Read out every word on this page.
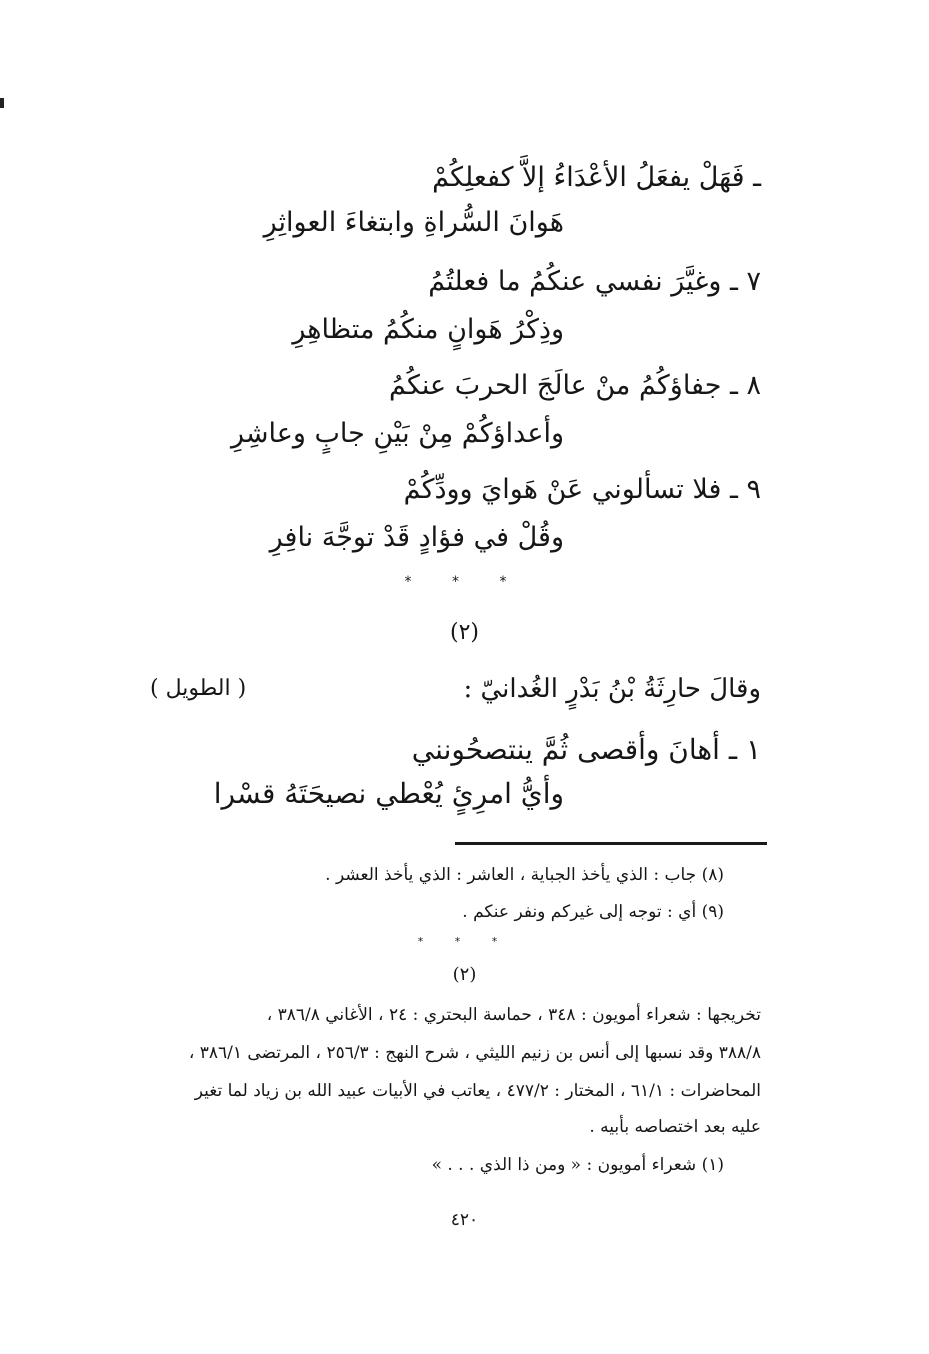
ـ فَهَلْ يفعَلُ الأعْدَاءُ إلاَّ كفعلِكُمْ
هَوانَ السُّراةِ وابتغاءَ العواثِرِ
٧ ـ وغيَّرَ نفسي عنكُمُ ما فعلتُمُ
وذِكْرُ هَوانٍ منكُمُ متظاهِرِ
٨ ـ جفاؤكُمُ منْ عالَجَ الحربَ عنكُمُ
وأعداؤكُمْ مِنْ بَيْنِ جابٍ وعاشِرِ
٩ ـ فلا تسألوني عَنْ هَوايَ وودِّكُمْ
وقُلْ في فؤادٍ قَدْ توجَّهَ نافِرِ
* * *
(٢)
وقالَ حارِثَةُ بْنُ بَدْرٍ الغُدانيّ :
( الطويل )
١ ـ أهانَ وأقصى ثُمَّ ينتصحُونني
وأيُّ امرِئٍ يُعْطي نصيحَتَهُ قسْرا
(٨) جاب : الذي يأخذ الجباية ، العاشر : الذي يأخذ العشر .
(٩) أي : توجه إلى غيركم ونفر عنكم .
* * *
(٢)
تخريجها : شعراء أمويون : ٣٤٨ ، حماسة البحتري : ٢٤ ، الأغاني ٣٨٦/٨ ،
٣٨٨/٨ وقد نسبها إلى أنس بن زنيم الليثي ، شرح النهج : ٢٥٦/٣ ، المرتضى ٣٨٦/١ ،
المحاضرات : ٦١/١ ، المختار : ٤٧٧/٢ ، يعاتب في الأبيات عبيد الله بن زياد لما تغير
عليه بعد اختصاصه بأبيه .
(١) شعراء أمويون : « ومن ذا الذي . . . »
٤٢٠
